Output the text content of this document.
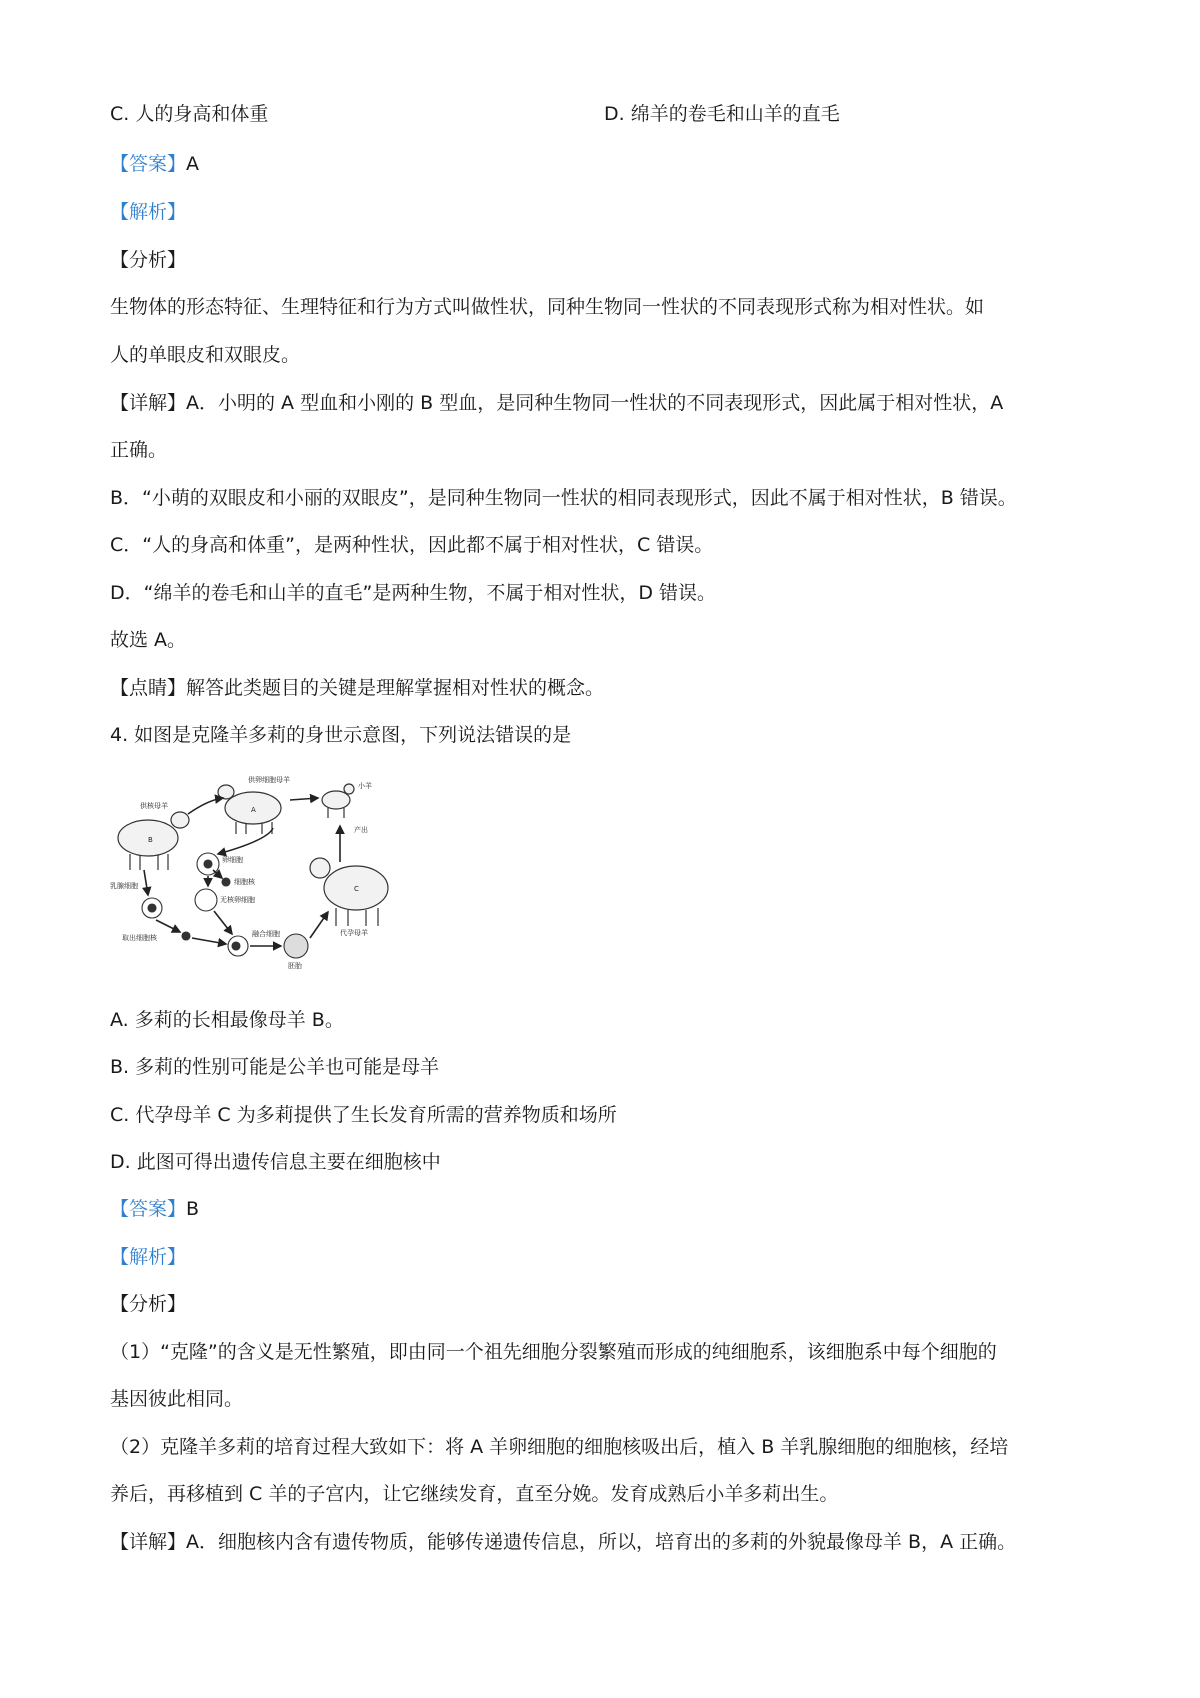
C. 人的身高和体重	D. 绵羊的卷毛和山羊的直毛
【答案】A
【解析】
【分析】
生物体的形态特征、生理特征和行为方式叫做性状，同种生物同一性状的不同表现形式称为相对性状。如
人的单眼皮和双眼皮。
【详解】A．小明的 A 型血和小刚的 B 型血，是同种生物同一性状的不同表现形式，因此属于相对性状，A
正确。
B．“小萌的双眼皮和小丽的双眼皮”，是同种生物同一性状的相同表现形式，因此不属于相对性状，B 错误。
C．“人的身高和体重”，是两种性状，因此都不属于相对性状，C 错误。
D．“绵羊的卷毛和山羊的直毛”是两种生物，不属于相对性状，D 错误。
故选 A。
【点睛】解答此类题目的关键是理解掌握相对性状的概念。
4. 如图是克隆羊多莉的身世示意图，下列说法错误的是
供核母羊
B
供卵细胞母羊
A
小羊
代孕母羊
C
卵细胞
细胞核
无核卵细胞
乳腺细胞
取出细胞核	融合细胞
胚胎
产出
A. 多莉的长相最像母羊 B。
B. 多莉的性别可能是公羊也可能是母羊
C. 代孕母羊 C 为多莉提供了生长发育所需的营养物质和场所
D. 此图可得出遗传信息主要在细胞核中
【答案】B
【解析】
【分析】
（1）“克隆”的含义是无性繁殖，即由同一个祖先细胞分裂繁殖而形成的纯细胞系，该细胞系中每个细胞的
基因彼此相同。
（2）克隆羊多莉的培育过程大致如下：将 A 羊卵细胞的细胞核吸出后，植入 B 羊乳腺细胞的细胞核，经培
养后，再移植到 C 羊的子宫内，让它继续发育，直至分娩。发育成熟后小羊多莉出生。
【详解】A．细胞核内含有遗传物质，能够传递遗传信息，所以，培育出的多莉的外貌最像母羊 B，A 正确。
